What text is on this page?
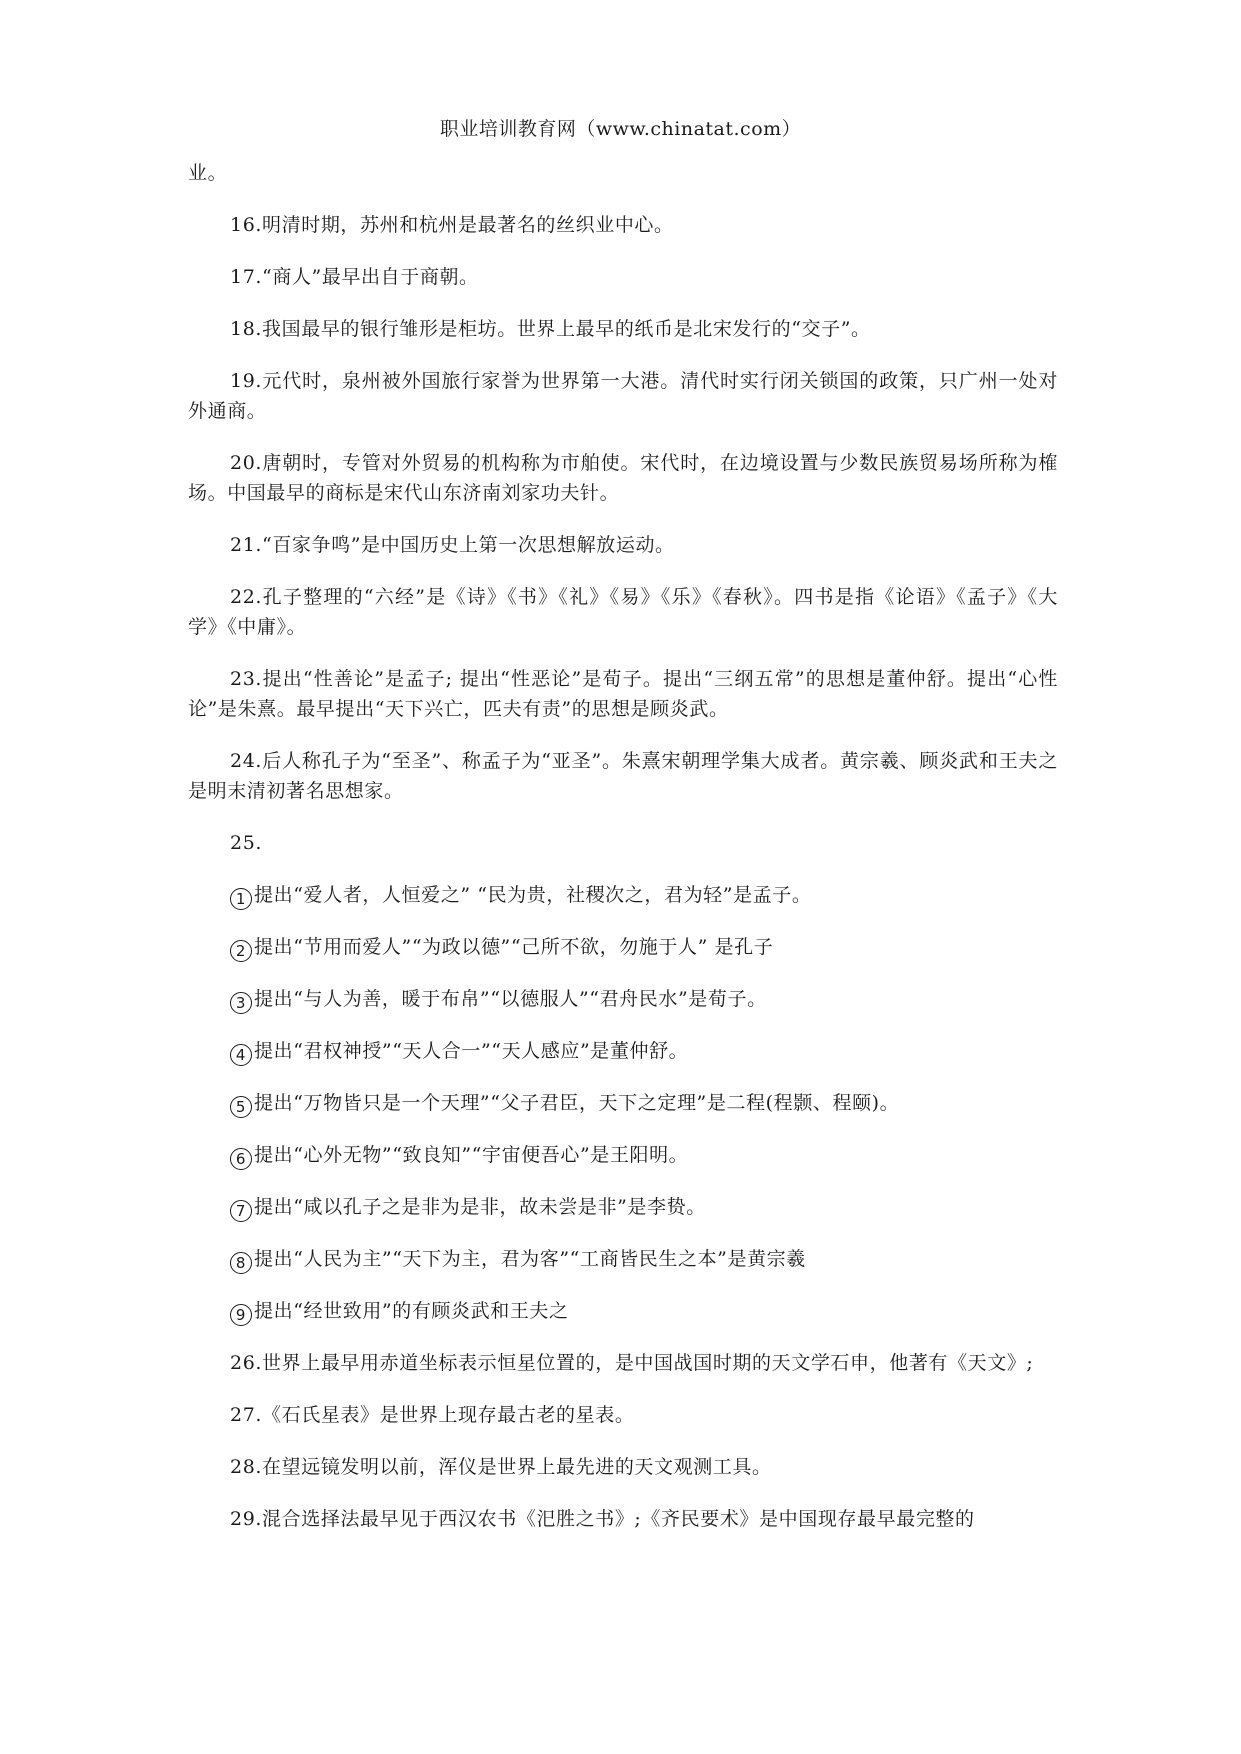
职业培训教育网（www.chinatat.com）

业。

16.明清时期，苏州和杭州是最著名的丝织业中心。

17.“商人”最早出自于商朝。

18.我国最早的银行雏形是柜坊。世界上最早的纸币是北宋发行的“交子”。

19.元代时，泉州被外国旅行家誉为世界第一大港。清代时实行闭关锁国的政策，只广州一处对外通商。

20.唐朝时，专管对外贸易的机构称为市舶使。宋代时，在边境设置与少数民族贸易场所称为榷场。中国最早的商标是宋代山东济南刘家功夫针。

21.“百家争鸣”是中国历史上第一次思想解放运动。

22.孔子整理的“六经”是《诗》《书》《礼》《易》《乐》《春秋》。四书是指《论语》《孟子》《大学》《中庸》。

23.提出“性善论”是孟子; 提出“性恶论”是荀子。提出“三纲五常”的思想是董仲舒。提出“心性论”是朱熹。最早提出“天下兴亡，匹夫有责”的思想是顾炎武。

24.后人称孔子为“至圣”、称孟子为“亚圣”。朱熹宋朝理学集大成者。黄宗羲、顾炎武和王夫之是明末清初著名思想家。

25.

1 提出“爱人者，人恒爱之” “民为贵，社稷次之，君为轻”是孟子。

2 提出“节用而爱人”“为政以德”“己所不欲，勿施于人” 是孔子

3 提出“与人为善，暖于布帛”“以德服人”“君舟民水”是荀子。

4 提出“君权神授”“天人合一”“天人感应”是董仲舒。

5 提出“万物皆只是一个天理”“父子君臣，天下之定理”是二程(程颢、程颐)。

6 提出“心外无物”“致良知”“宇宙便吾心”是王阳明。

7 提出“咸以孔子之是非为是非，故未尝是非”是李贽。

8 提出“人民为主”“天下为主，君为客”“工商皆民生之本”是黄宗羲

9 提出“经世致用”的有顾炎武和王夫之

26.世界上最早用赤道坐标表示恒星位置的，是中国战国时期的天文学石申，他著有《天文》;

27.《石氏星表》是世界上现存最古老的星表。

28.在望远镜发明以前，浑仪是世界上最先进的天文观测工具。

29.混合选择法最早见于西汉农书《汜胜之书》;《齐民要术》是中国现存最早最完整的
